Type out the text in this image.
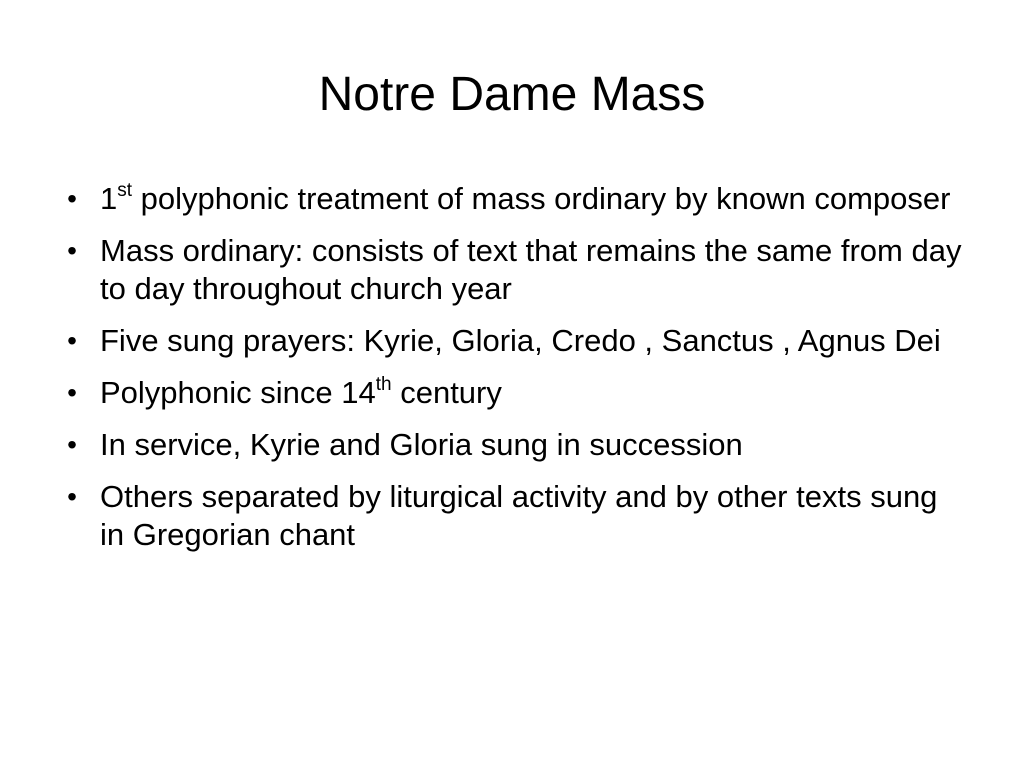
Notre Dame Mass
• 1st polyphonic treatment of mass ordinary by known composer
• Mass ordinary: consists of text that remains the same from day to day throughout church year
• Five sung prayers: Kyrie, Gloria, Credo , Sanctus , Agnus Dei
• Polyphonic since 14th century
• In service, Kyrie and Gloria sung in succession
• Others separated by liturgical activity and by other texts sung in Gregorian chant
